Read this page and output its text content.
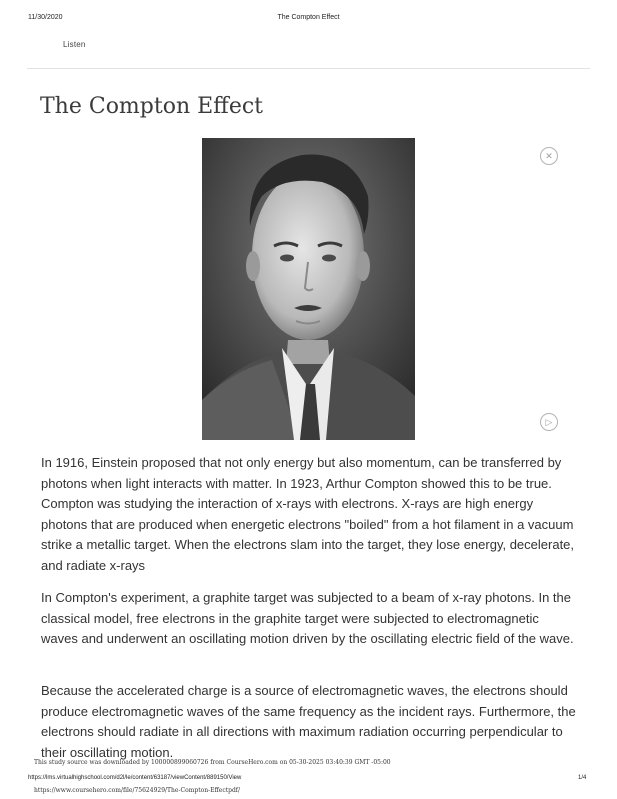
11/30/2020	The Compton Effect
Listen
The Compton Effect
✕
▷

In 1916, Einstein proposed that not only energy but also momentum, can be transferred by photons when light interacts with matter. In 1923, Arthur Compton showed this to be true. Compton was studying the interaction of x-rays with electrons. X-rays are high energy photons that are produced when energetic electrons "boiled" from a hot filament in a vacuum strike a metallic target. When the electrons slam into the target, they lose energy, decelerate, and radiate x-rays

In Compton's experiment, a graphite target was subjected to a beam of x-ray photons. In the classical model, free electrons in the graphite target were subjected to electromagnetic waves and underwent an oscillating motion driven by the oscillating electric field of the wave.

Because the accelerated charge is a source of electromagnetic waves, the electrons should produce electromagnetic waves of the same frequency as the incident rays. Furthermore, the electrons should radiate in all directions with maximum radiation occurring perpendicular to their oscillating motion.

This study source was downloaded by 100000899060726 from CourseHero.com on 05-30-2025 03:40:39 GMT -05:00
https://lms.virtualhighschool.com/d2l/le/content/63187/viewContent/889150/View	1/4
https://www.coursehero.com/file/75624929/The-Compton-Effectpdf/
